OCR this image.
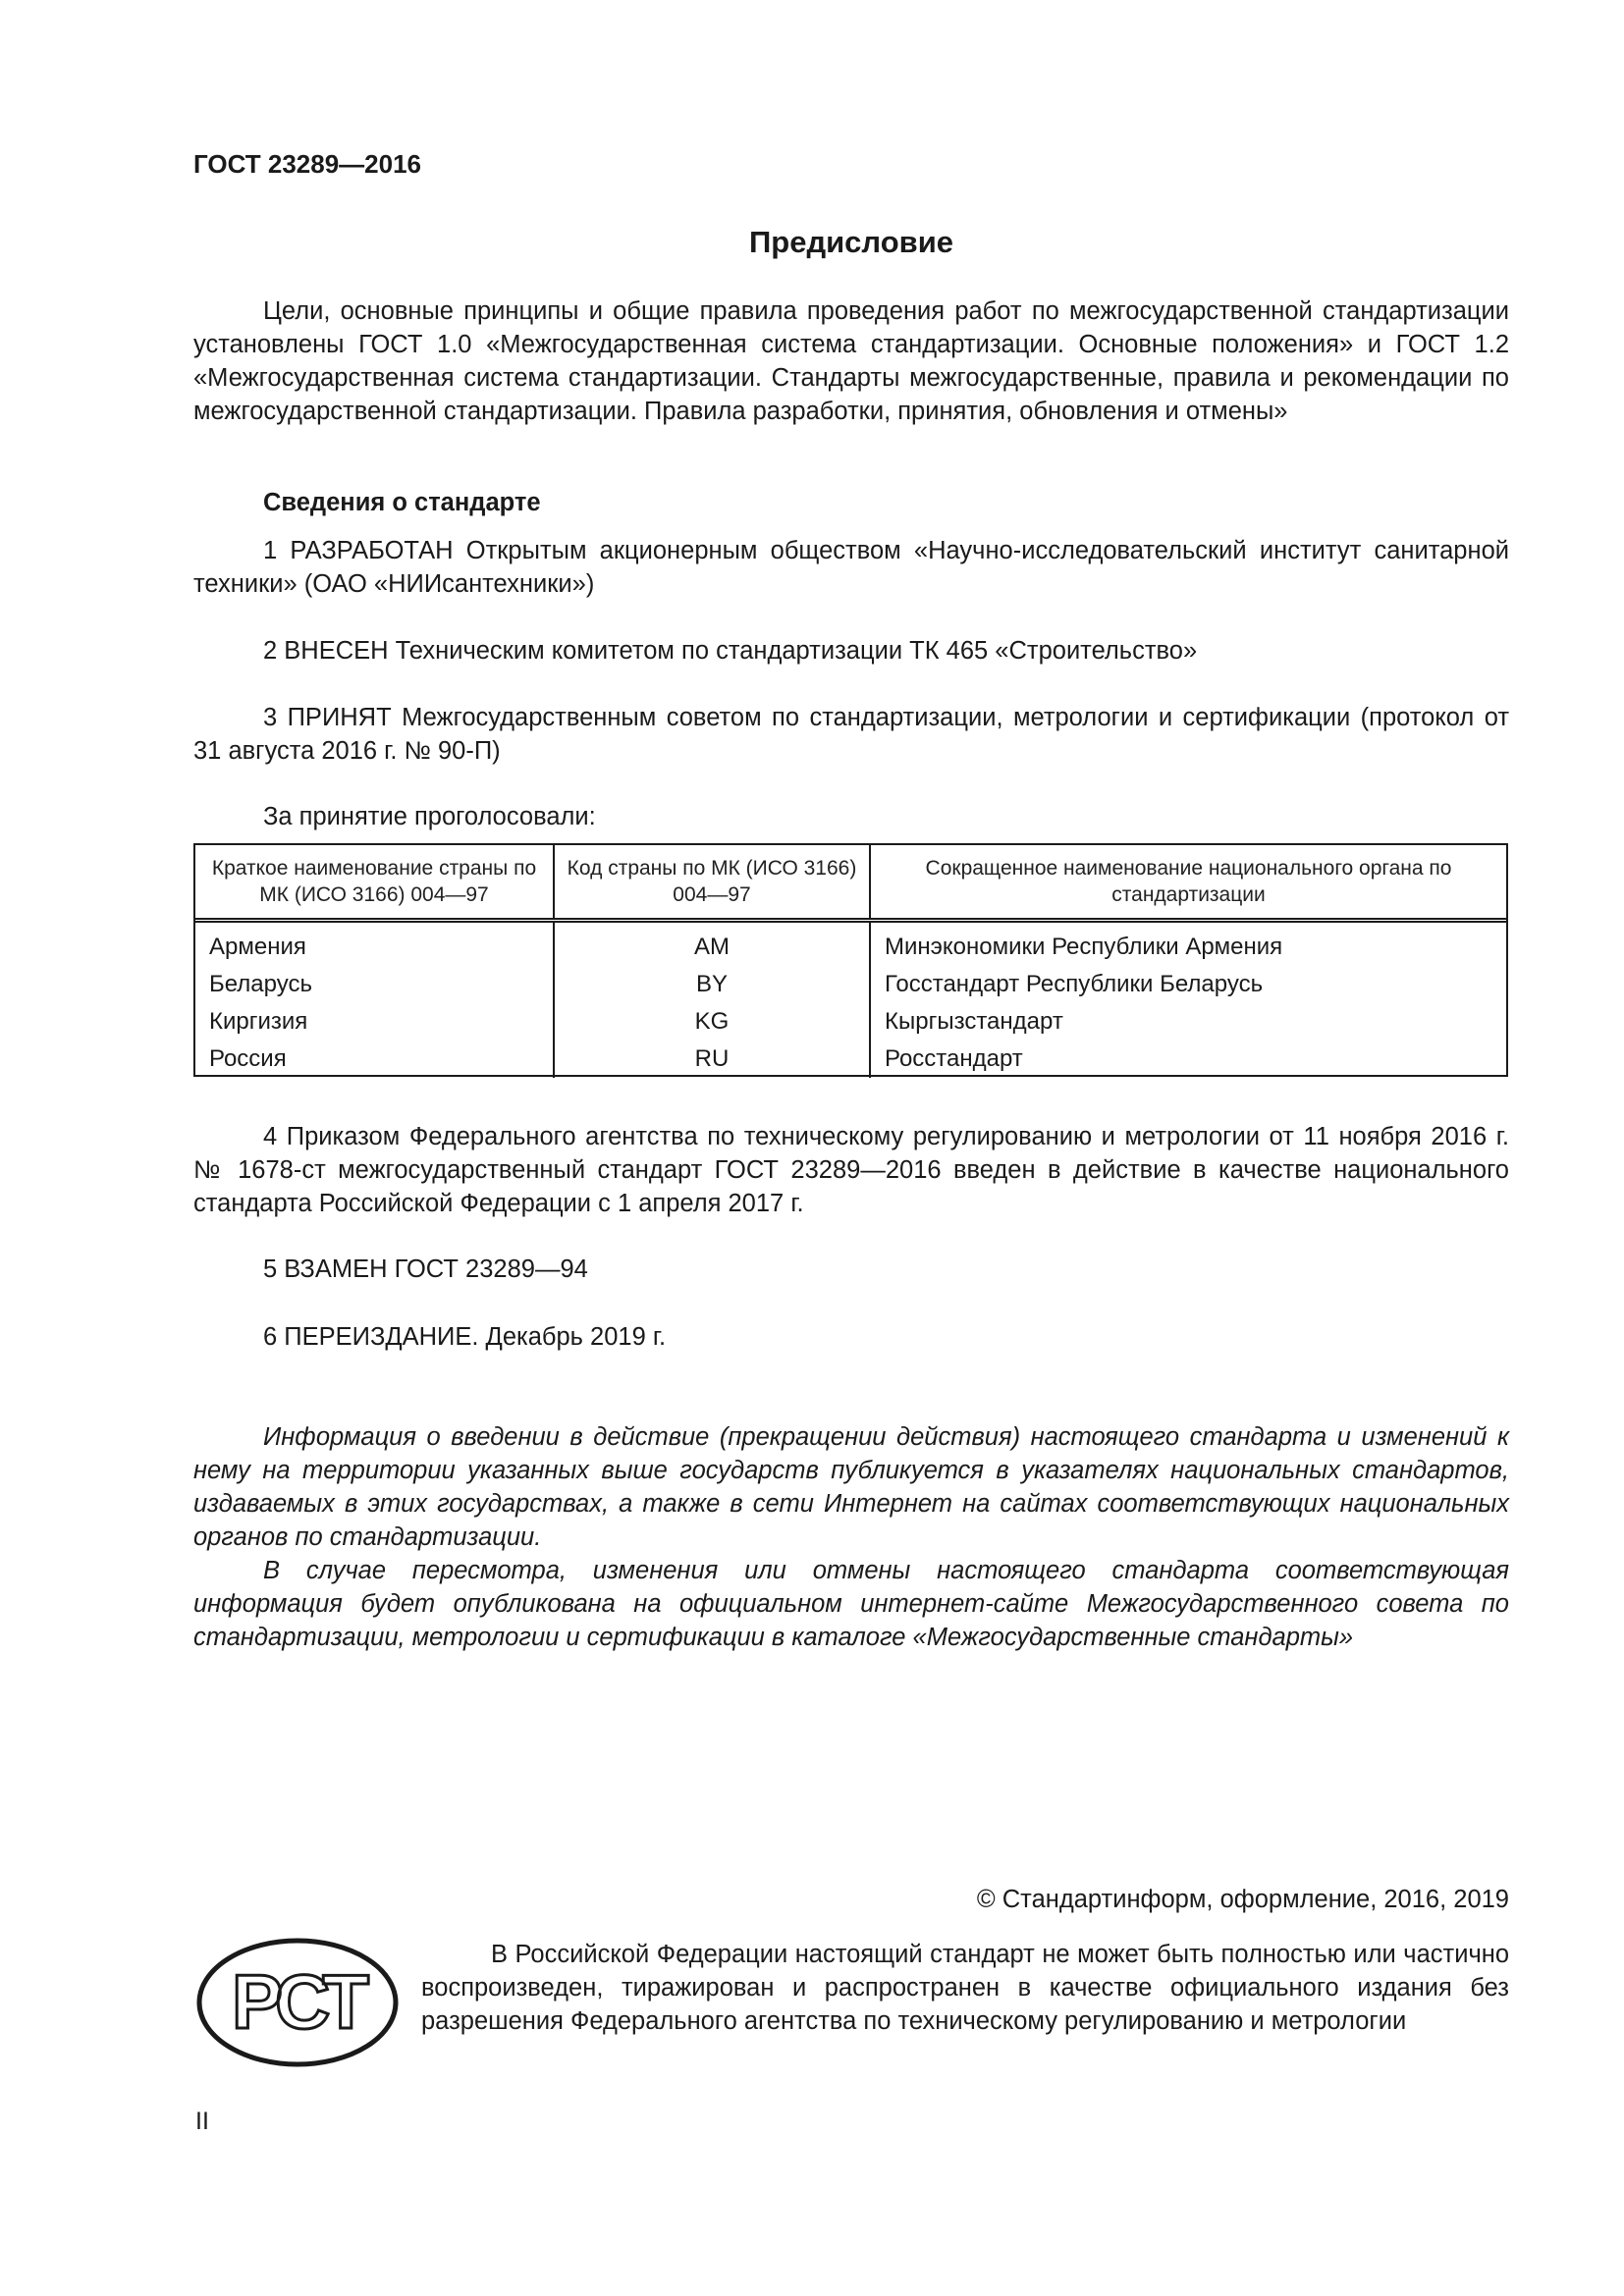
ГОСТ 23289—2016
Предисловие

Цели, основные принципы и общие правила проведения работ по межгосударственной стандартизации установлены ГОСТ 1.0 «Межгосударственная система стандартизации. Основные положения» и ГОСТ 1.2 «Межгосударственная система стандартизации. Стандарты межгосударственные, правила и рекомендации по межгосударственной стандартизации. Правила разработки, принятия, обновления и отмены»

Сведения о стандарте

1 РАЗРАБОТАН Открытым акционерным обществом «Научно-исследовательский институт санитарной техники» (ОАО «НИИсантехники»)

2 ВНЕСЕН Техническим комитетом по стандартизации ТК 465 «Строительство»

3 ПРИНЯТ Межгосударственным советом по стандартизации, метрологии и сертификации (протокол от 31 августа 2016 г. № 90-П)

За принятие проголосовали:

Краткое наименование страны по МК (ИСО 3166) 004—97	Код страны по МК (ИСО 3166) 004—97	Сокращенное наименование национального органа по стандартизации
Армения	AM	Минэкономики Республики Армения
Беларусь	BY	Госстандарт Республики Беларусь
Киргизия	KG	Кыргызстандарт
Россия	RU	Росстандарт

4 Приказом Федерального агентства по техническому регулированию и метрологии от 11 ноября 2016 г. № 1678-ст межгосударственный стандарт ГОСТ 23289—2016 введен в действие в качестве национального стандарта Российской Федерации с 1 апреля 2017 г.

5 ВЗАМЕН ГОСТ 23289—94

6 ПЕРЕИЗДАНИЕ. Декабрь 2019 г.

Информация о введении в действие (прекращении действия) настоящего стандарта и изменений к нему на территории указанных выше государств публикуется в указателях национальных стандартов, издаваемых в этих государствах, а также в сети Интернет на сайтах соответствующих национальных органов по стандартизации.

В случае пересмотра, изменения или отмены настоящего стандарта соответствующая информация будет опубликована на официальном интернет-сайте Межгосударственного совета по стандартизации, метрологии и сертификации в каталоге «Межгосударственные стандарты»

© Стандартинформ, оформление, 2016, 2019
РСТ

В Российской Федерации настоящий стандарт не может быть полностью или частично воспроизведен, тиражирован и распространен в качестве официального издания без разрешения Федерального агентства по техническому регулированию и метрологии

II
